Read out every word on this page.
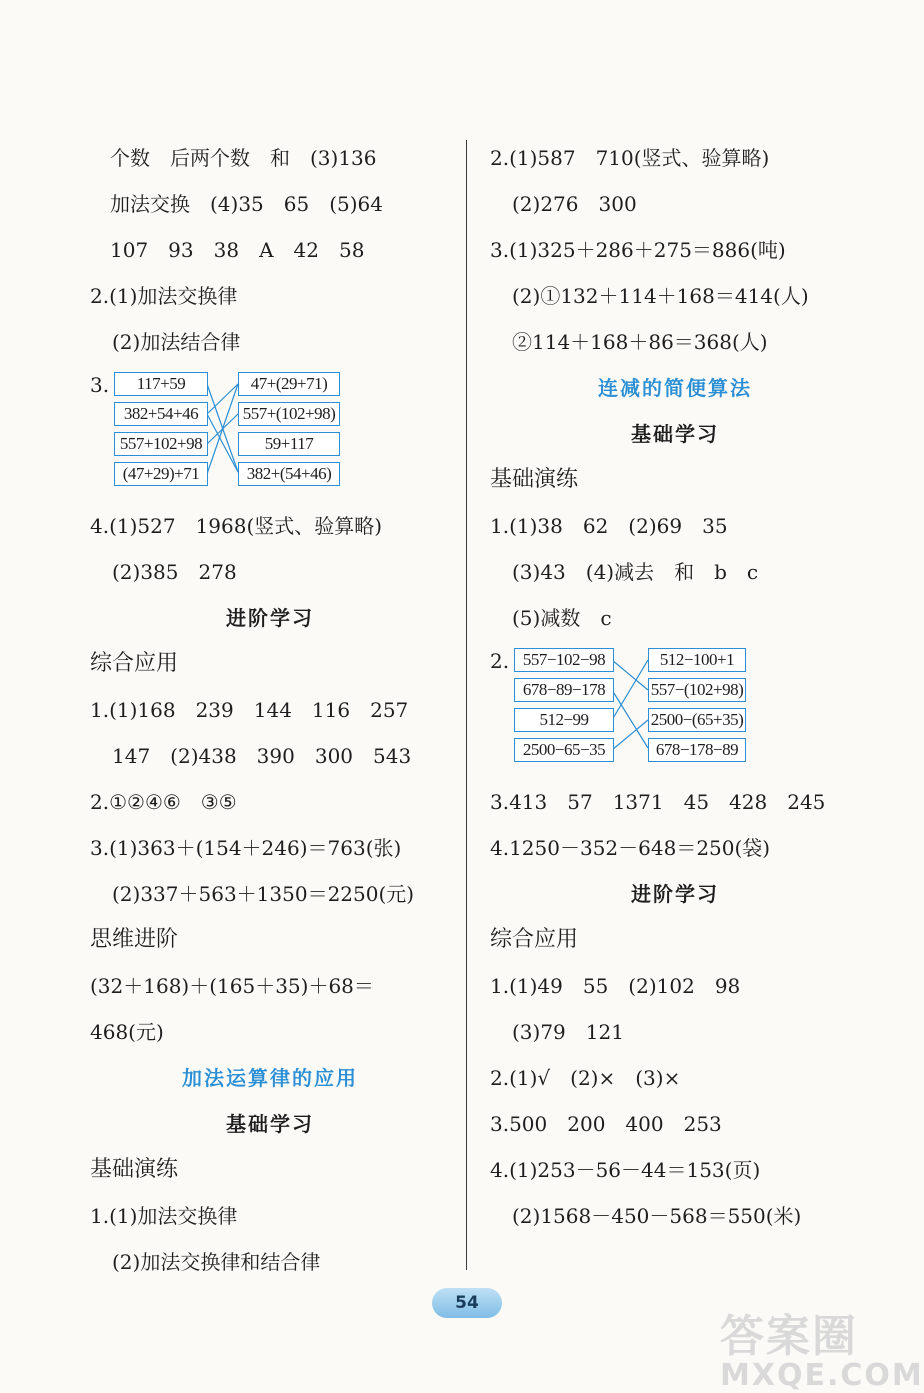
个数　后两个数　和　(3)136
加法交换　(4)35　65　(5)64
107　93　38　A　42　58
2.(1)加法交换律
(2)加法结合律
3.	117+59
382+54+46
557+102+98
(47+29)+71
47+(29+71)
557+(102+98)
59+117
382+(54+46)
4.(1)527　1968(竖式、验算略)
(2)385　278
进阶学习
综合应用
1.(1)168　239　144　116　257
147　(2)438　390　300　543
2.①②④⑥　③⑤
3.(1)363＋(154＋246)＝763(张)
(2)337＋563＋1350＝2250(元)
思维进阶
(32＋168)＋(165＋35)＋68＝
468(元)
加法运算律的应用
基础学习
基础演练
1.(1)加法交换律
(2)加法交换律和结合律
2.(1)587　710(竖式、验算略)
(2)276　300
3.(1)325＋286＋275＝886(吨)
(2)①132＋114＋168＝414(人)
②114＋168＋86＝368(人)
连减的简便算法
基础学习
基础演练
1.(1)38　62　(2)69　35
(3)43　(4)减去　和　b　c
(5)减数　c
2. 557−102−98
678−89−178
512−99
2500−65−35
512−100+1
557−(102+98)
2500−(65+35)
678−178−89
3.413　57　1371　45　428　245
4.1250－352－648＝250(袋)
进阶学习
综合应用
1.(1)49　55　(2)102　98
(3)79　121
2.(1)√　(2)×　(3)×
3.500　200　400　253
4.(1)253－56－44＝153(页)
(2)1568－450－568＝550(米)
54
答案圈
MXQE.COM
